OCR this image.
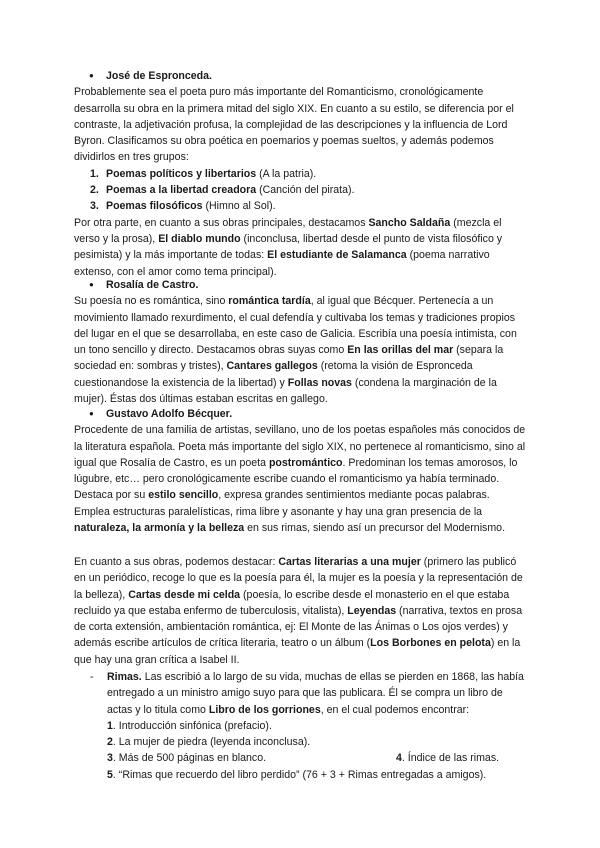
● José de Espronceda.

Probablemente sea el poeta puro más importante del Romanticismo, cronológicamente desarrolla su obra en la primera mitad del siglo XIX. En cuanto a su estilo, se diferencia por el contraste, la adjetivación profusa, la complejidad de las descripciones y la influencia de Lord Byron. Clasificamos su obra poética en poemarios y poemas sueltos, y además podemos dividirlos en tres grupos:

1. Poemas políticos y libertarios (A la patria).
2. Poemas a la libertad creadora (Canción del pirata).
3. Poemas filosóficos (Himno al Sol).

Por otra parte, en cuanto a sus obras principales, destacamos Sancho Saldaña (mezcla el verso y la prosa), El diablo mundo (inconclusa, libertad desde el punto de vista filosófico y pesimista) y la más importante de todas: El estudiante de Salamanca (poema narrativo extenso, con el amor como tema principal).

● Rosalía de Castro.

Su poesía no es romántica, sino romántica tardía, al igual que Bécquer. Pertenecía a un movimiento llamado rexurdimento, el cual defendía y cultivaba los temas y tradiciones propios del lugar en el que se desarrollaba, en este caso de Galicia. Escribía una poesía intimista, con un tono sencillo y directo. Destacamos obras suyas como En las orillas del mar (separa la sociedad en: sombras y tristes), Cantares gallegos (retoma la visión de Espronceda cuestionandose la existencia de la libertad) y Follas novas (condena la marginación de la mujer). Éstas dos últimas estaban escritas en gallego.

● Gustavo Adolfo Bécquer.

Procedente de una familia de artistas, sevillano, uno de los poetas españoles más conocidos de la literatura española. Poeta más importante del siglo XIX, no pertenece al romanticismo, sino al igual que Rosalía de Castro, es un poeta postromántico. Predominan los temas amorosos, lo lúgubre, etc… pero cronológicamente escribe cuando el romanticismo ya había terminado. Destaca por su estilo sencillo, expresa grandes sentimientos mediante pocas palabras. Emplea estructuras paralelísticas, rima libre y asonante y hay una gran presencia de la naturaleza, la armonía y la belleza en sus rimas, siendo así un precursor del Modernismo.

En cuanto a sus obras, podemos destacar: Cartas literarias a una mujer (primero las publicó en un periódico, recoge lo que es la poesía para él, la mujer es la poesía y la representación de la belleza), Cartas desde mi celda (poesía, lo escribe desde el monasterio en el que estaba recluido ya que estaba enfermo de tuberculosis, vitalista), Leyendas (narrativa, textos en prosa de corta extensión, ambientación romántica, ej: El Monte de las Ánimas o Los ojos verdes) y además escribe artículos de crítica literaria, teatro o un álbum (Los Borbones en pelota) en la que hay una gran crítica a Isabel II.

- Rimas. Las escribió a lo largo de su vida, muchas de ellas se pierden en 1868, las había entregado a un ministro amigo suyo para que las publicara. Él se compra un libro de actas y lo titula como Libro de los gorriones, en el cual podemos encontrar:

1. Introducción sinfónica (prefacio).
2. La mujer de piedra (leyenda inconclusa).
3. Más de 500 páginas en blanco.	4. Índice de las rimas.
5. “Rimas que recuerdo del libro perdido” (76 + 3 + Rimas entregadas a amigos).
